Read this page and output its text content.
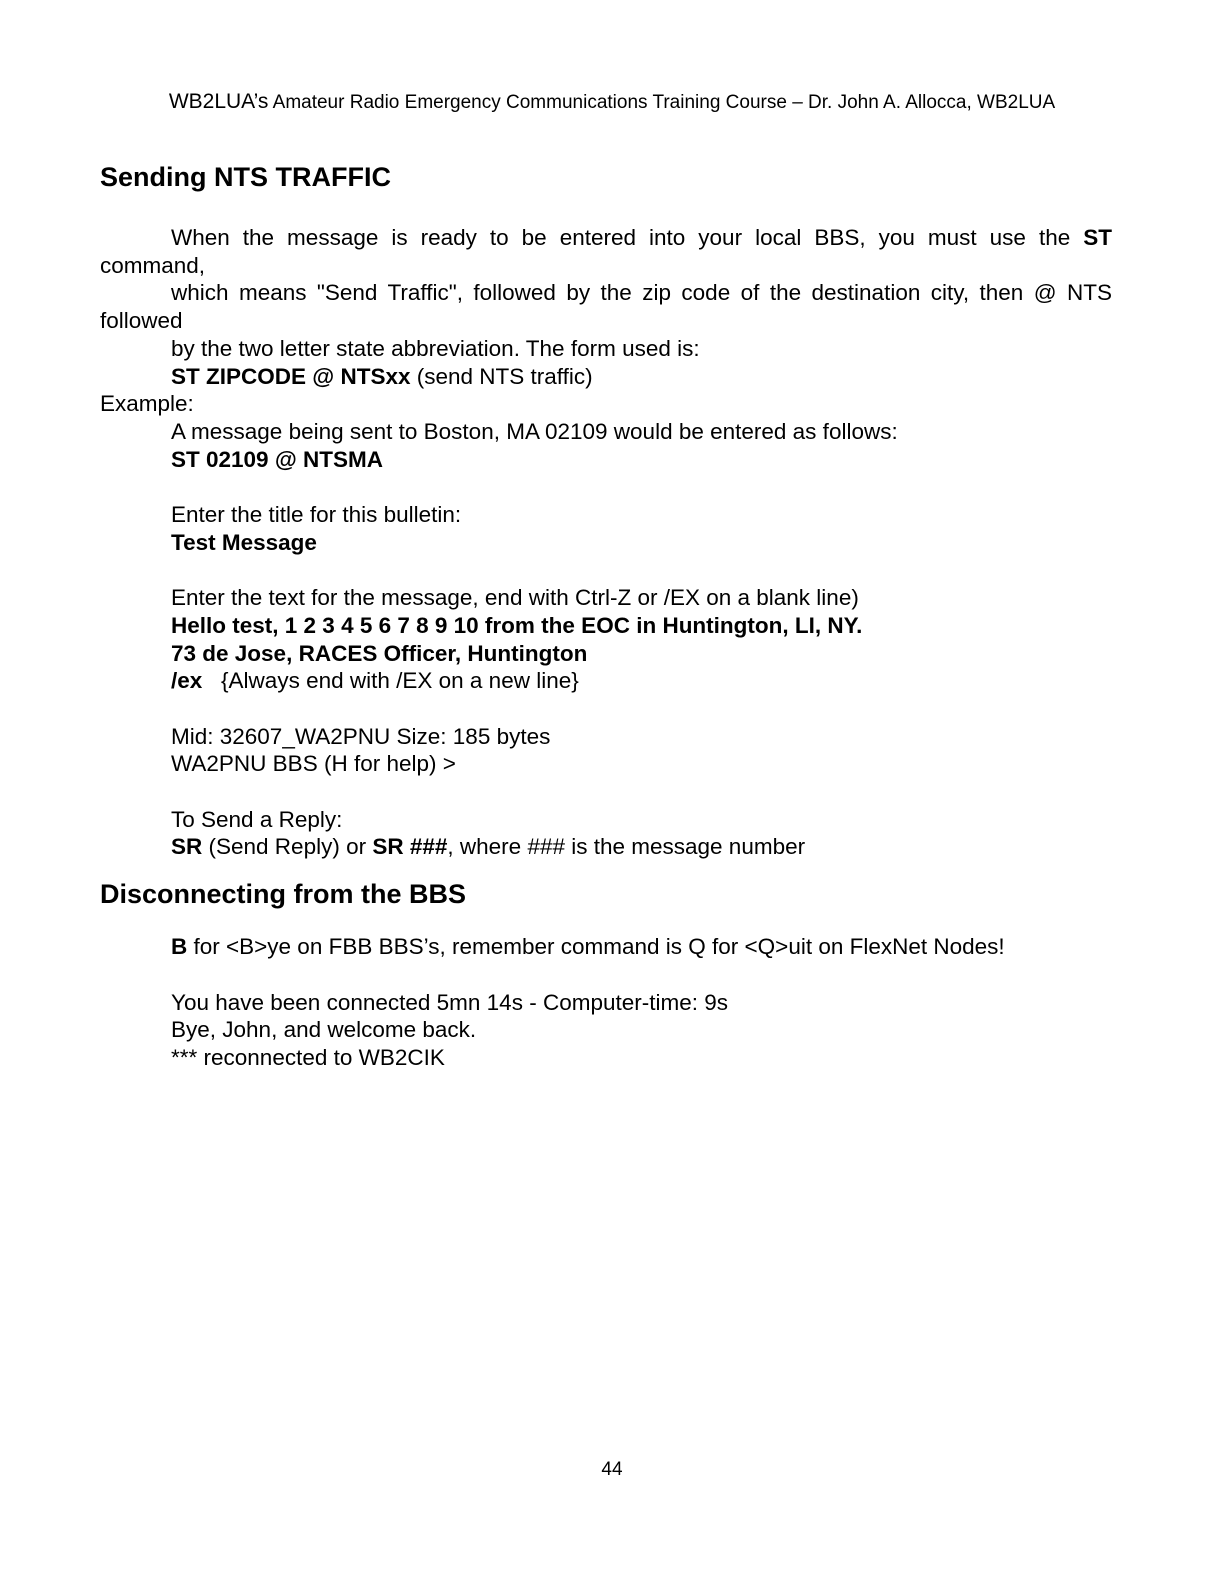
WB2LUA’s Amateur Radio Emergency Communications Training Course – Dr. John A. Allocca, WB2LUA
Sending NTS TRAFFIC
When the message is ready to be entered into your local BBS, you must use the ST
command,
which means "Send Traffic", followed by the zip code of the destination city, then @ NTS
followed
by the two letter state abbreviation. The form used is:
ST ZIPCODE @ NTSxx (send NTS traffic)
Example:
A message being sent to Boston, MA 02109 would be entered as follows:
ST 02109 @ NTSMA
Enter the title for this bulletin:
Test Message
Enter the text for the message, end with Ctrl-Z or /EX on a blank line)
Hello test, 1 2 3 4 5 6 7 8 9 10 from the EOC in Huntington, LI, NY.
73 de Jose, RACES Officer, Huntington
/ex   {Always end with /EX on a new line}
Mid: 32607_WA2PNU Size: 185 bytes
WA2PNU BBS (H for help) >
To Send a Reply:
SR (Send Reply) or SR ###, where ### is the message number
Disconnecting from the BBS
B for <B>ye on FBB BBS’s, remember command is Q for <Q>uit on FlexNet Nodes!
You have been connected 5mn 14s - Computer-time: 9s
Bye, John, and welcome back.
*** reconnected to WB2CIK
44
